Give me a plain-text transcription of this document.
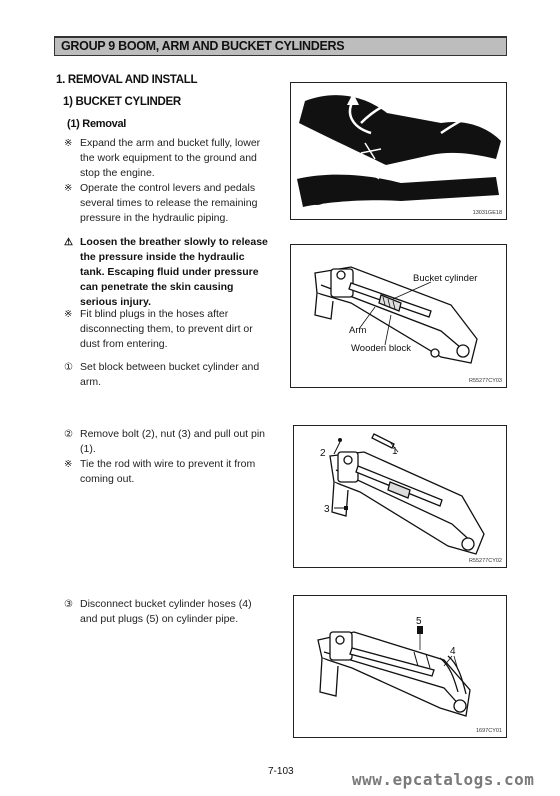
GROUP 9 BOOM, ARM AND BUCKET CYLINDERS
1. REMOVAL AND INSTALL
1) BUCKET CYLINDER
(1) Removal
※ Expand the arm and bucket fully, lower the work equipment to the ground and stop the engine.
※ Operate the control levers and pedals several times to release the remaining pressure in the hydraulic piping.
⚠ Loosen the breather slowly to release the pressure inside the hydraulic tank. Escaping fluid under pressure can penetrate the skin causing serious injury.
※ Fit blind plugs in the hoses after disconnecting them, to prevent dirt or dust from entering.
① Set block between bucket cylinder and arm.
② Remove bolt (2), nut (3) and pull out pin (1).
※ Tie the rod with wire to prevent it from coming out.
③ Disconnect bucket cylinder hoses (4) and put plugs (5) on cylinder pipe.
13031GE18
Bucket cylinder
Arm
Wooden block
R55277CY03
1
2
3
R55277CY02
5
4
1697CY01
7-103	www.epcatalogs.com
